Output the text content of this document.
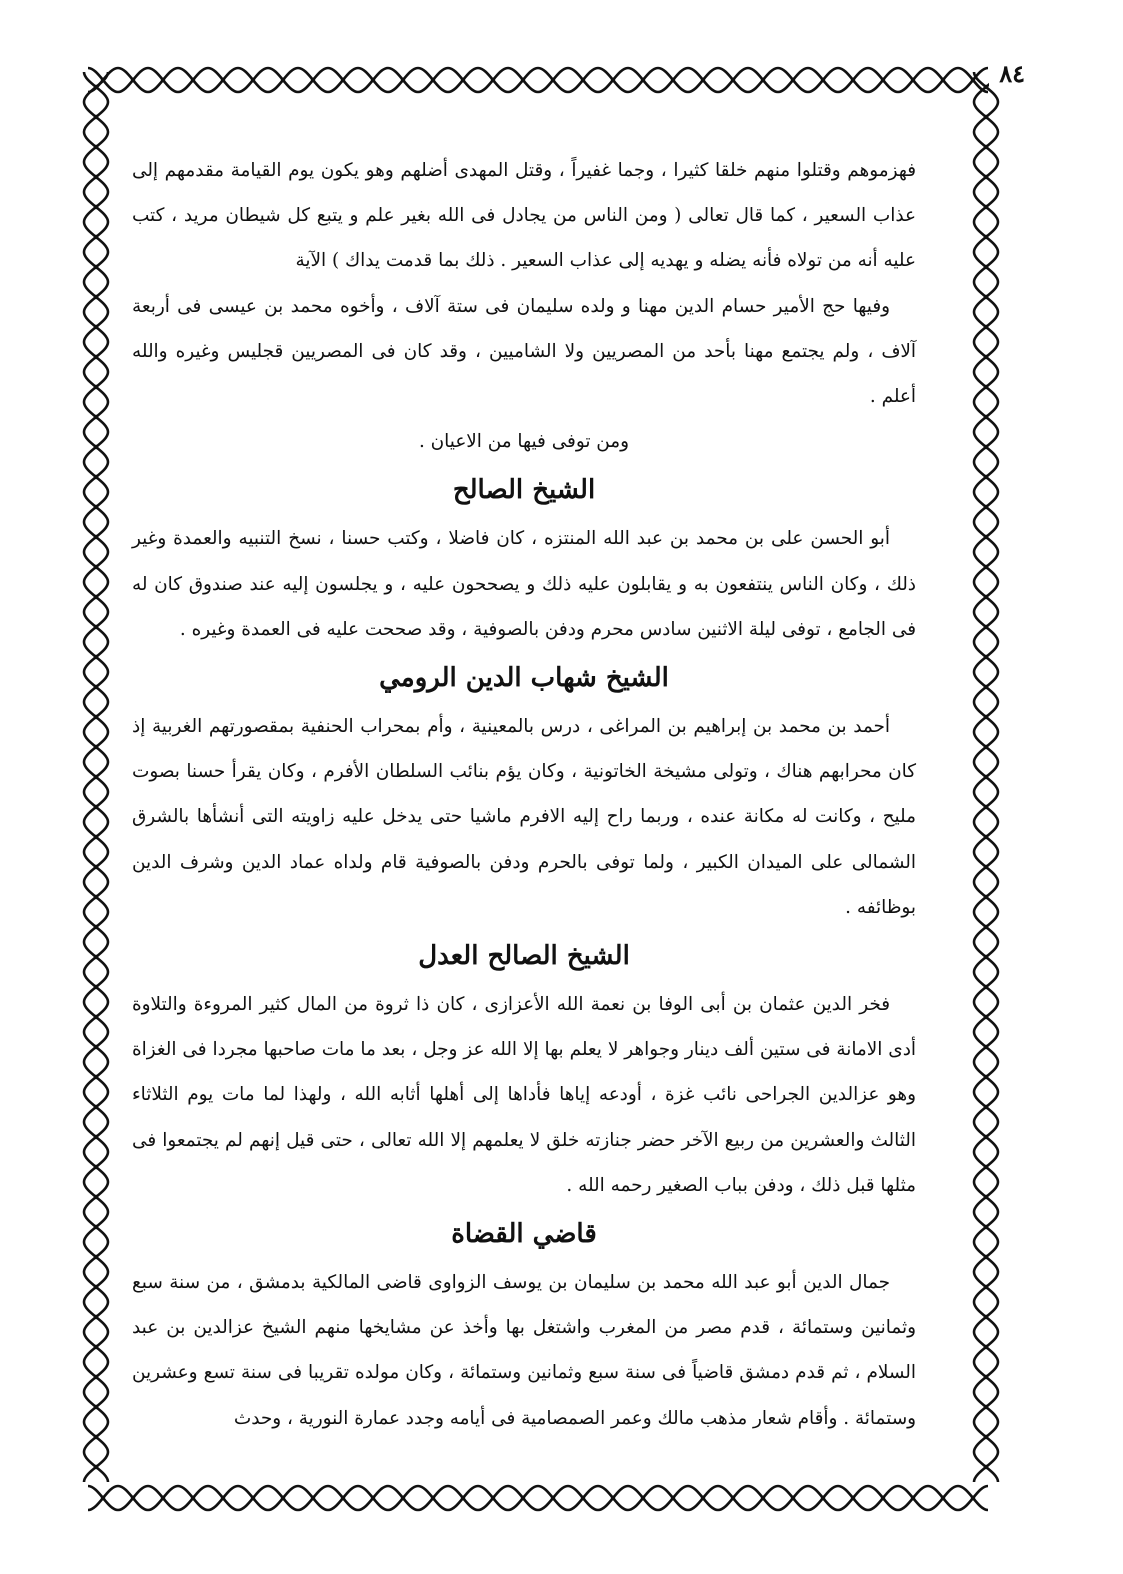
٨٤

فهزموهم وقتلوا منهم خلقا كثيرا ، وجما غفيراً ، وقتل المهدى أضلهم وهو يكون يوم القيامة مقدمهم إلى عذاب السعير ، كما قال تعالى ( ومن الناس من يجادل فى الله بغير علم و يتبع كل شيطان مريد ، كتب عليه أنه من تولاه فأنه يضله و يهديه إلى عذاب السعير . ذلك بما قدمت يداك ) الآية

وفيها حج الأمير حسام الدين مهنا و ولده سليمان فى ستة آلاف ، وأخوه محمد بن عيسى فى أربعة آلاف ، ولم يجتمع مهنا بأحد من المصريين ولا الشاميين ، وقد كان فى المصريين قجليس وغيره والله أعلم .

ومن توفى فيها من الاعيان .

الشيخ الصالح

أبو الحسن على بن محمد بن عبد الله المنتزه ، كان فاضلا ، وكتب حسنا ، نسخ التنبيه والعمدة وغير ذلك ، وكان الناس ينتفعون به و يقابلون عليه ذلك و يصححون عليه ، و يجلسون إليه عند صندوق كان له فى الجامع ، توفى ليلة الاثنين سادس محرم ودفن بالصوفية ، وقد صححت عليه فى العمدة وغيره .

الشيخ شهاب الدين الرومي

أحمد بن محمد بن إبراهيم بن المراغى ، درس بالمعينية ، وأم بمحراب الحنفية بمقصورتهم الغربية إذ كان محرابهم هناك ، وتولى مشيخة الخاتونية ، وكان يؤم بنائب السلطان الأفرم ، وكان يقرأ حسنا بصوت مليح ، وكانت له مكانة عنده ، وربما راح إليه الافرم ماشيا حتى يدخل عليه زاويته التى أنشأها بالشرق الشمالى على الميدان الكبير ، ولما توفى بالحرم ودفن بالصوفية قام ولداه عماد الدين وشرف الدين بوظائفه .

الشيخ الصالح العدل

فخر الدين عثمان بن أبى الوفا بن نعمة الله الأعزازى ، كان ذا ثروة من المال كثير المروءة والتلاوة أدى الامانة فى ستين ألف دينار وجواهر لا يعلم بها إلا الله عز وجل ، بعد ما مات صاحبها مجردا فى الغزاة وهو عزالدين الجراحى نائب غزة ، أودعه إياها فأداها إلى أهلها أثابه الله ، ولهذا لما مات يوم الثلاثاء الثالث والعشرين من ربيع الآخر حضر جنازته خلق لا يعلمهم إلا الله تعالى ، حتى قيل إنهم لم يجتمعوا فى مثلها قبل ذلك ، ودفن بباب الصغير رحمه الله .

قاضي القضاة

جمال الدين أبو عبد الله محمد بن سليمان بن يوسف الزواوى قاضى المالكية بدمشق ، من سنة سبع وثمانين وستمائة ، قدم مصر من المغرب واشتغل بها وأخذ عن مشايخها منهم الشيخ عزالدين بن عبد السلام ، ثم قدم دمشق قاضياً فى سنة سبع وثمانين وستمائة ، وكان مولده تقريبا فى سنة تسع وعشرين وستمائة . وأقام شعار مذهب مالك وعمر الصمصامية فى أيامه وجدد عمارة النورية ، وحدث
